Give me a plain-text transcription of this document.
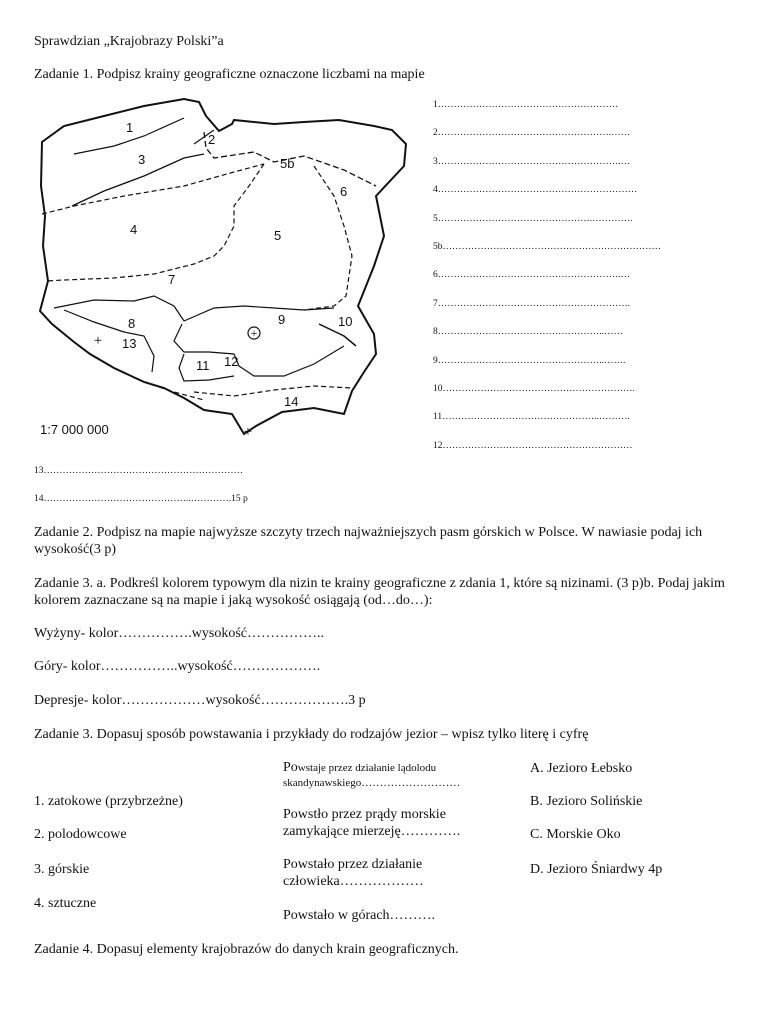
Sprawdzian „Krajobrazy Polski”a
Zadanie 1. Podpisz krainy geograficzne oznaczone liczbami na mapie
+
+
+
1
2
3	5b
6
4	5
7
8	9	10
13
11 12
14
1:7 000 000
1…………………………………………………
2……………………………………………….……
3………………………………………………….…
4………………………………………………………
5………………………………………….………….
5b……………………………………………………………
6………………………………………………….…
7…………………………………………………….
8……………………………………………..……
9……………………………………………..…….
10…………………………………………………….
11…………………………………………..……….
12……………………………………………………
13………………………………………………………
14………………………………………..………….15 p
Zadanie 2. Podpisz na mapie najwyższe szczyty trzech najważniejszych pasm górskich w Polsce. W nawiasie podaj ich wysokość(3 p)
Zadanie 3. a. Podkreśl kolorem typowym dla nizin te krainy geograficzne z zdania 1, które są nizinami. (3 p)b. Podaj jakim kolorem zaznaczane są na mapie i jaką wysokość osiągają (od…do…):
Wyżyny- kolor…………….wysokość……………..
Góry- kolor……………..wysokość……………….
Depresje- kolor………………wysokość……………….3 p
Zadanie 3. Dopasuj sposób powstawania i przykłady do rodzajów jezior – wpisz tylko literę i cyfrę
1. zatokowe (przybrzeżne)
2. polodowcowe
3. górskie
4. sztuczne
Powstaje przez działanie lądolodu skandynawskiego………………………
Powstło przez prądy morskie zamykające mierzeję………….
Powstało przez działanie człowieka………………
Powstało w górach……….
A. Jezioro Łebsko
B. Jezioro Solińskie
C. Morskie Oko
D. Jezioro Śniardwy 4p
Zadanie 4. Dopasuj elementy krajobrazów do danych krain geograficznych.
